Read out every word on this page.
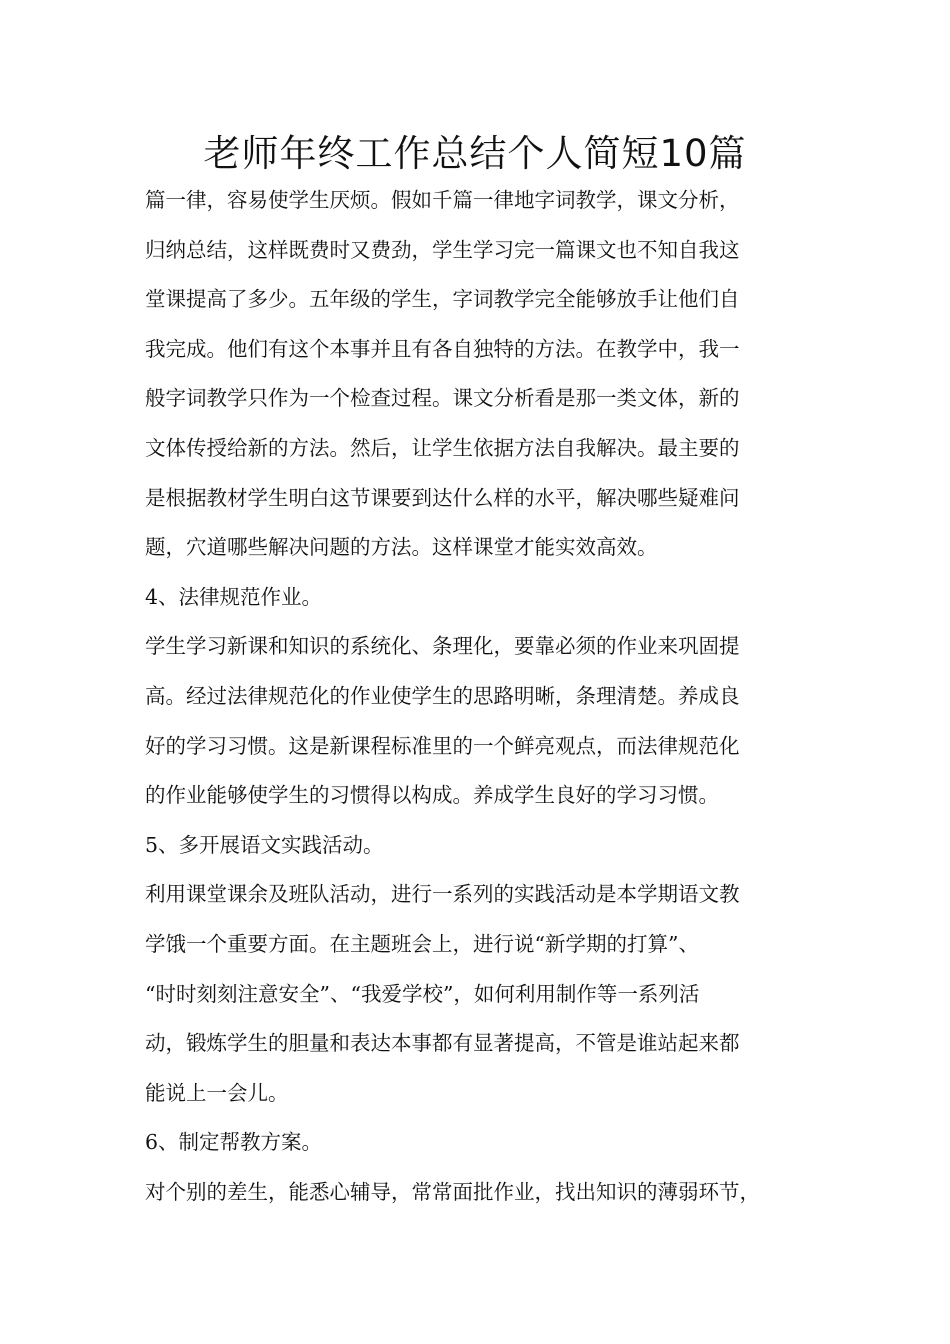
老师年终工作总结个人简短10篇
篇一律，容易使学生厌烦。假如千篇一律地字词教学，课文分析，
归纳总结，这样既费时又费劲，学生学习完一篇课文也不知自我这
堂课提高了多少。五年级的学生，字词教学完全能够放手让他们自
我完成。他们有这个本事并且有各自独特的方法。在教学中，我一
般字词教学只作为一个检查过程。课文分析看是那一类文体，新的
文体传授给新的方法。然后，让学生依据方法自我解决。最主要的
是根据教材学生明白这节课要到达什么样的水平，解决哪些疑难问
题，穴道哪些解决问题的方法。这样课堂才能实效高效。
4、法律规范作业。
学生学习新课和知识的系统化、条理化，要靠必须的作业来巩固提
高。经过法律规范化的作业使学生的思路明晰，条理清楚。养成良
好的学习习惯。这是新课程标准里的一个鲜亮观点，而法律规范化
的作业能够使学生的习惯得以构成。养成学生良好的学习习惯。
5、多开展语文实践活动。
利用课堂课余及班队活动，进行一系列的实践活动是本学期语文教
学饿一个重要方面。在主题班会上，进行说“新学期的打算”、
“时时刻刻注意安全”、“我爱学校”，如何利用制作等一系列活
动，锻炼学生的胆量和表达本事都有显著提高，不管是谁站起来都
能说上一会儿。
6、制定帮教方案。
对个别的差生，能悉心辅导，常常面批作业，找出知识的薄弱环节，
